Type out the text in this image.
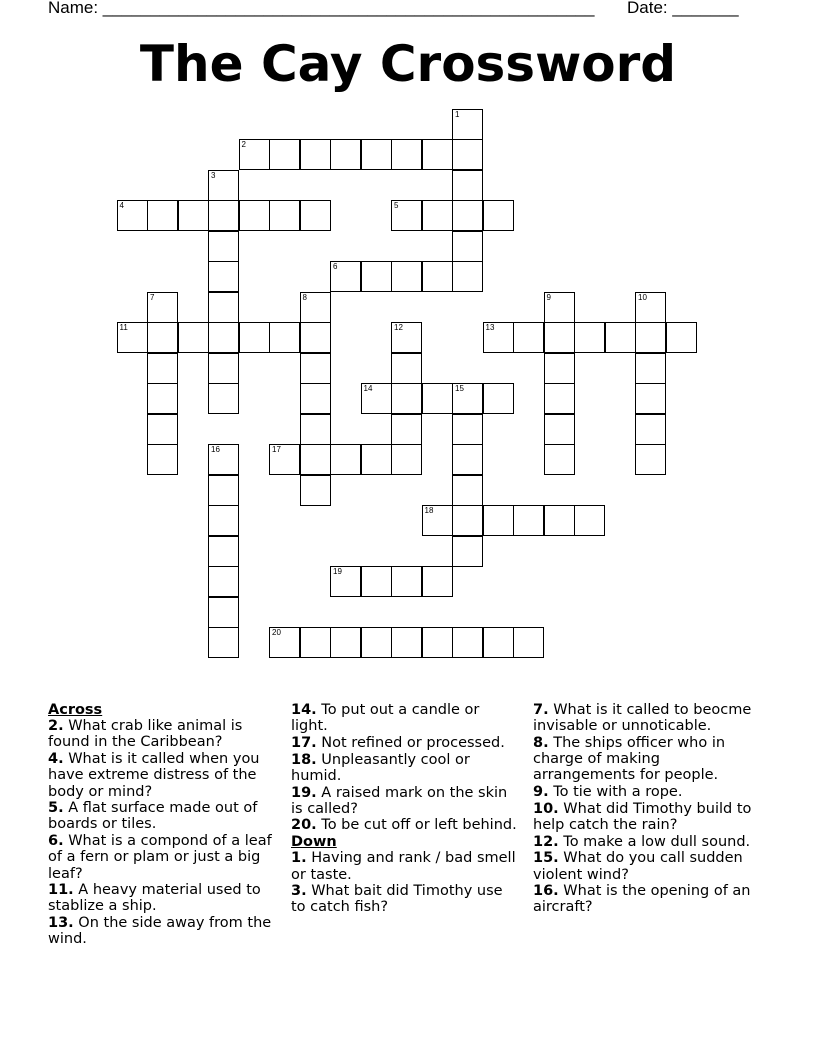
Name: ____________________________________________________

Date: _______

The Cay Crossword
1
2
3
4	5
6
7	8	9	10
11	12	13
14	15
16	17
18
19
20
Across
2. What crab like animal is found in the Caribbean?
4. What is it called when you have extreme distress of the body or mind?
5. A flat surface made out of boards or tiles.
6. What is a compond of a leaf of a fern or plam or just a big leaf?
11. A heavy material used to stablize a ship.
13. On the side away from the wind.
14. To put out a candle or light.
17. Not refined or processed.
18. Unpleasantly cool or humid.
19. A raised mark on the skin is called?
20. To be cut off or left behind.
Down
1. Having and rank / bad smell or taste.
3. What bait did Timothy use to catch fish?
7. What is it called to beocme invisable or unnoticable.
8. The ships officer who in charge of making arrangements for people.
9. To tie with a rope.
10. What did Timothy build to help catch the rain?
12. To make a low dull sound.
15. What do you call sudden violent wind?
16. What is the opening of an aircraft?
